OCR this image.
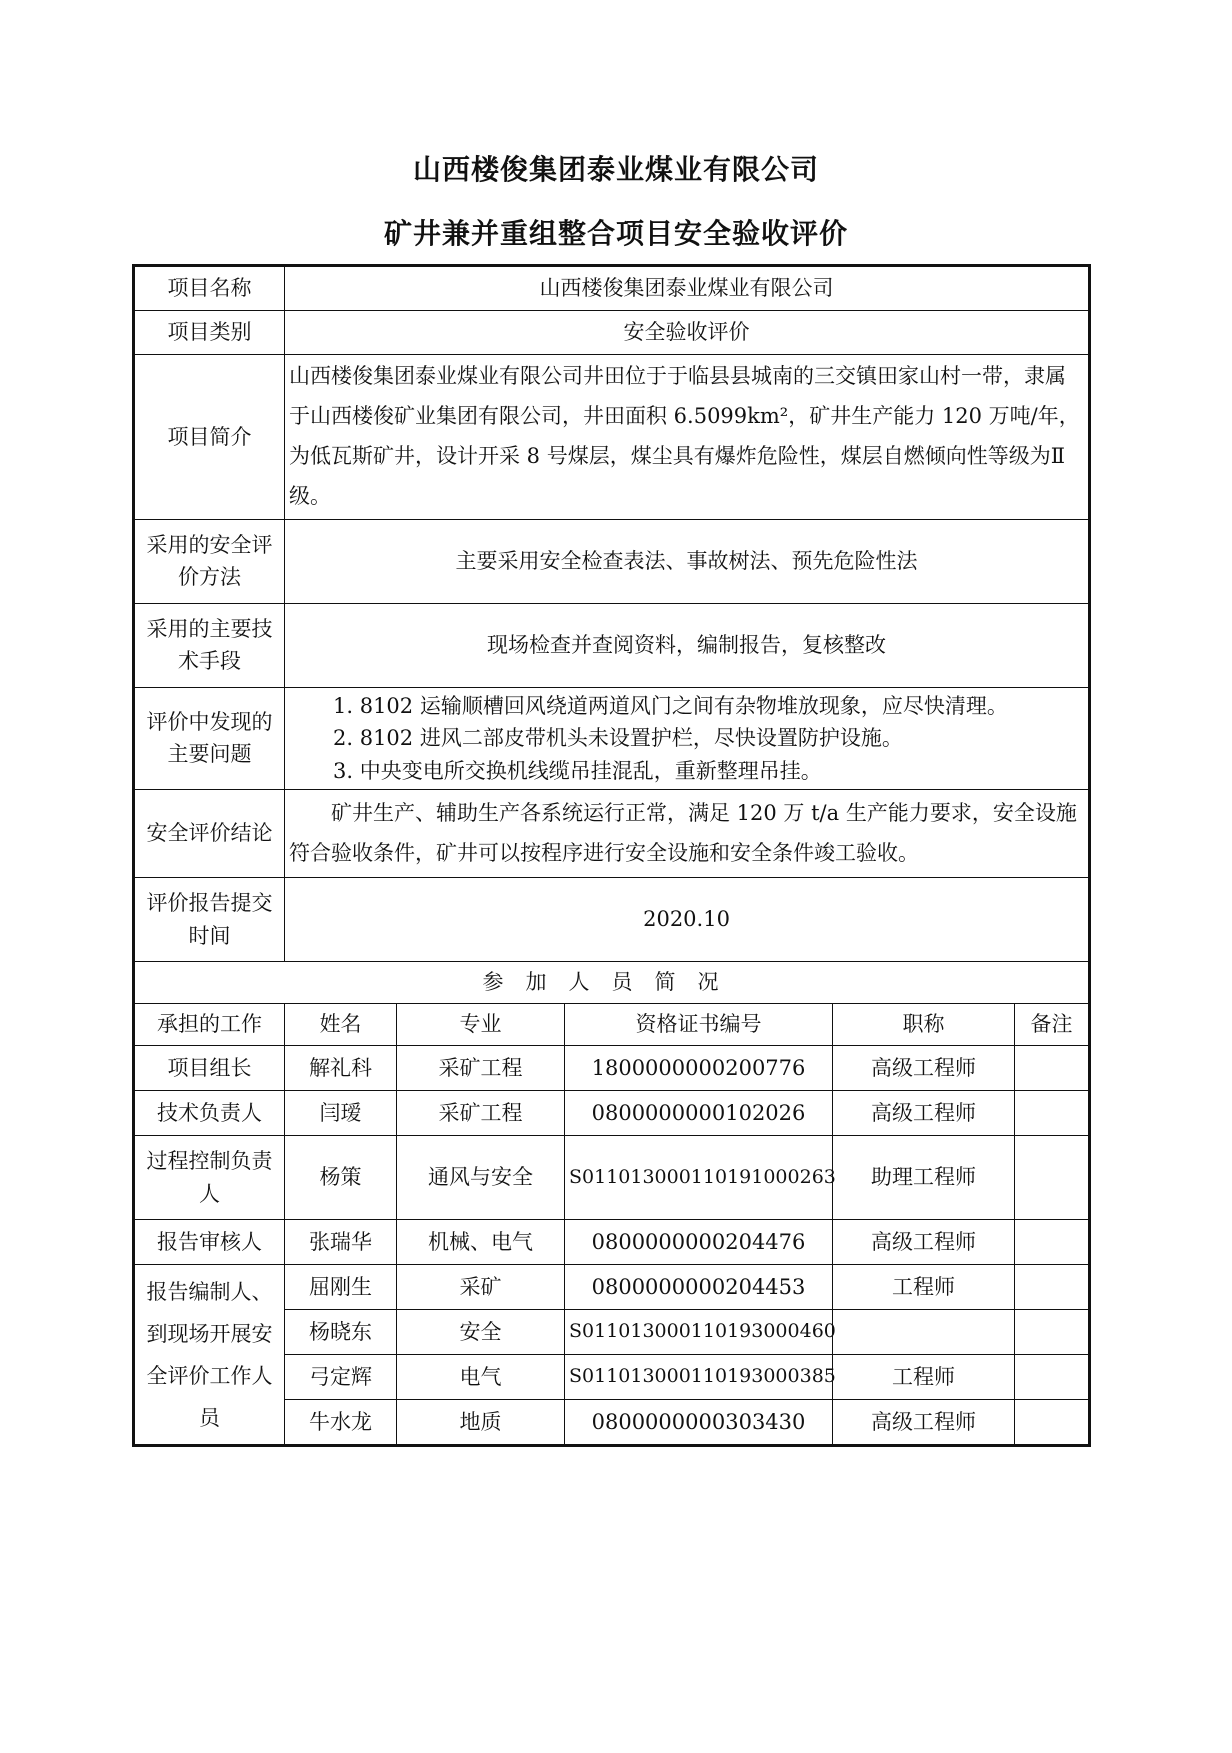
山西楼俊集团泰业煤业有限公司
矿井兼并重组整合项目安全验收评价
项目名称	山西楼俊集团泰业煤业有限公司				
项目类别	安全验收评价				
项目简介	山西楼俊集团泰业煤业有限公司井田位于于临县县城南的三交镇田家山村一带，隶属于山西楼俊矿业集团有限公司，井田面积 6.5099km²，矿井生产能力 120 万吨/年，为低瓦斯矿井，设计开采 8 号煤层，煤尘具有爆炸危险性，煤层自燃倾向性等级为Ⅱ级。				
采用的安全评价方法	主要采用安全检查表法、事故树法、预先危险性法				
采用的主要技术手段	现场检查并查阅资料，编制报告，复核整改				
评价中发现的主要问题	1. 8102 运输顺槽回风绕道两道风门之间有杂物堆放现象，应尽快清理。
2. 8102 进风二部皮带机头未设置护栏，尽快设置防护设施。
3. 中央变电所交换机线缆吊挂混乱，重新整理吊挂。				

安全评价结论	矿井生产、辅助生产各系统运行正常，满足 120 万 t/a 生产能力要求，安全设施符合验收条件，矿井可以按程序进行安全设施和安全条件竣工验收。				
评价报告提交时间	2020.10				
参加人员简况					
承担的工作	姓名	专业	资格证书编号	职称	备注
项目组长	解礼科	采矿工程	1800000000200776	高级工程师	
技术负责人	闫瑷	采矿工程	0800000000102026	高级工程师	
过程控制负责人	杨策	通风与安全	S011013000110191000263	助理工程师	
报告审核人	张瑞华	机械、电气	0800000000204476	高级工程师	
报告编制人、到现场开展安全评价工作人员	屈刚生	采矿	0800000000204453	工程师	
	杨晓东	安全	S011013000110193000460		
	弓定辉	电气	S011013000110193000385	工程师	
	牛水龙	地质	0800000000303430	高级工程师	
